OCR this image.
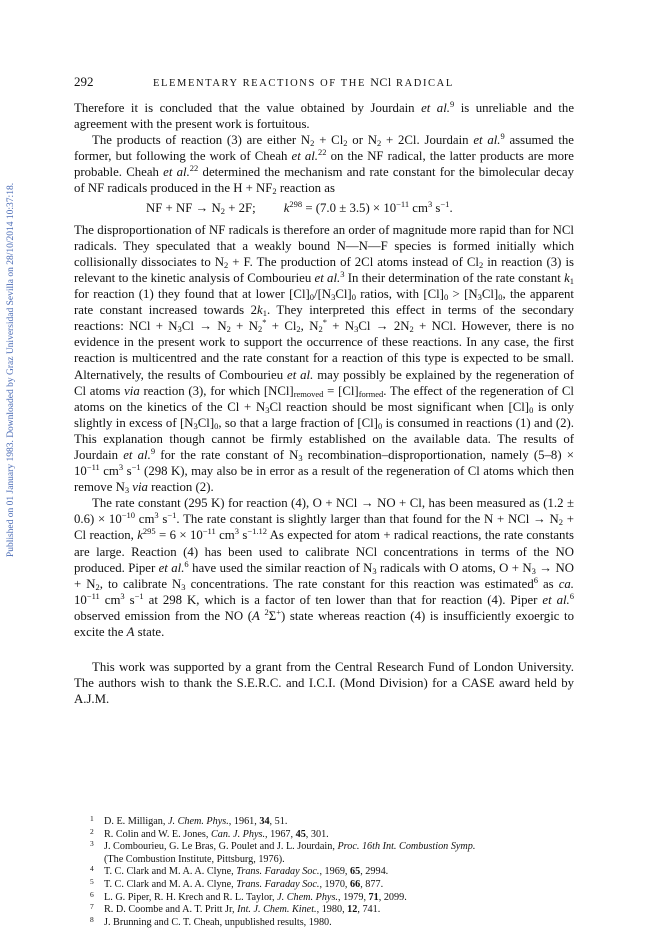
Published on 01 January 1983. Downloaded by Graz Universidad Sevilla on 28/10/2014 10:37:18.
292	ELEMENTARY REACTIONS OF THE NCl RADICAL

Therefore it is concluded that the value obtained by Jourdain et al.$^9$ is unreliable and the agreement with the present work is fortuitous.

The products of reaction (3) are either $N_2 + Cl_2$ or $N_2 + 2Cl$. Jourdain et al.$^9$ assumed the former, but following the work of Cheah et al.$^{22}$ on the NF radical, the latter products are more probable. Cheah et al.$^{22}$ determined the mechanism and rate constant for the bimolecular decay of NF radicals produced in the $H + NF_2$ reaction as

NF + NF → $N_2 + 2F$; $k^{298} = (7.0 \pm 3.5) \times 10^{-11}$ $cm^3$ $s^{-1}$.

The disproportionation of NF radicals is therefore an order of magnitude more rapid than for NCl radicals. They speculated that a weakly bound N—N—F species is formed initially which collisionally dissociates to $N_2 + F$. The production of 2Cl atoms instead of $Cl_2$ in reaction (3) is relevant to the kinetic analysis of Combourieu et al.$^3$ In their determination of the rate constant $k_1$ for reaction (1) they found that at lower $[Cl]_0/[N_3Cl]_0$ ratios, with $[Cl]_0 > [N_3Cl]_0$, the apparent rate constant increased towards $2k_1$. They interpreted this effect in terms of the secondary reactions: NCl + $N_3Cl \to N_2 + N_2^* + Cl_2$, $N_2^* + N_3Cl \to 2N_2$ + NCl. However, there is no evidence in the present work to support the occurrence of these reactions. In any case, the first reaction is multicentred and the rate constant for a reaction of this type is expected to be small. Alternatively, the results of Combourieu et al. may possibly be explained by the regeneration of Cl atoms via reaction (3), for which $[NCl]_{removed} = [Cl]_{formed}$. The effect of the regeneration of Cl atoms on the kinetics of the $Cl + N_3Cl$ reaction should be most significant when $[Cl]_0$ is only slightly in excess of $[N_3Cl]_0$, so that a large fraction of $[Cl]_0$ is consumed in reactions (1) and (2). This explanation though cannot be firmly established on the available data. The results of Jourdain et al.$^9$ for the rate constant of $N_3$ recombination–disproportionation, namely $(5-8) \times 10^{-11}$ $cm^3$ $s^{-1}$ (298 K), may also be in error as a result of the regeneration of Cl atoms which then remove $N_3$ via reaction (2).

The rate constant (295 K) for reaction (4), O + NCl → NO + Cl, has been measured as $(1.2 \pm 0.6) \times 10^{-10}$ $cm^3$ $s^{-1}$. The rate constant is slightly larger than that found for the N + NCl → $N_2 + Cl$ reaction, $k^{295} = 6 \times 10^{-11}$ $cm^3$ $s^{-1.12}$ As expected for atom + radical reactions, the rate constants are large. Reaction (4) has been used to calibrate NCl concentrations in terms of the NO produced. Piper et al.$^6$ have used the similar reaction of $N_3$ radicals with O atoms, $O + N_3$ → NO + $N_2$, to calibrate $N_3$ concentrations. The rate constant for this reaction was estimated$^6$ as ca. $10^{-11}$ $cm^3$ $s^{-1}$ at 298 K, which is a factor of ten lower than that for reaction (4). Piper et al.$^6$ observed emission from the NO (A $^2$Σ+) state whereas reaction (4) is insufficiently exoergic to excite the A state.

This work was supported by a grant from the Central Research Fund of London University. The authors wish to thank the S.E.R.C. and I.C.I. (Mond Division) for a CASE award held by A.J.M.

1 D. E. Milligan, J. Chem. Phys., 1961, 34, 51.
2 R. Colin and W. E. Jones, Can. J. Phys., 1967, 45, 301.
3 J. Combourieu, G. Le Bras, G. Poulet and J. L. Jourdain, Proc. 16th Int. Combustion Symp.
(The Combustion Institute, Pittsburg, 1976).
4 T. C. Clark and M. A. A. Clyne, Trans. Faraday Soc., 1969, 65, 2994.
5 T. C. Clark and M. A. A. Clyne, Trans. Faraday Soc., 1970, 66, 877.
6 L. G. Piper, R. H. Krech and R. L. Taylor, J. Chem. Phys., 1979, 71, 2099.
7 R. D. Coombe and A. T. Pritt Jr, Int. J. Chem. Kinet., 1980, 12, 741.
8 J. Brunning and C. T. Cheah, unpublished results, 1980.
